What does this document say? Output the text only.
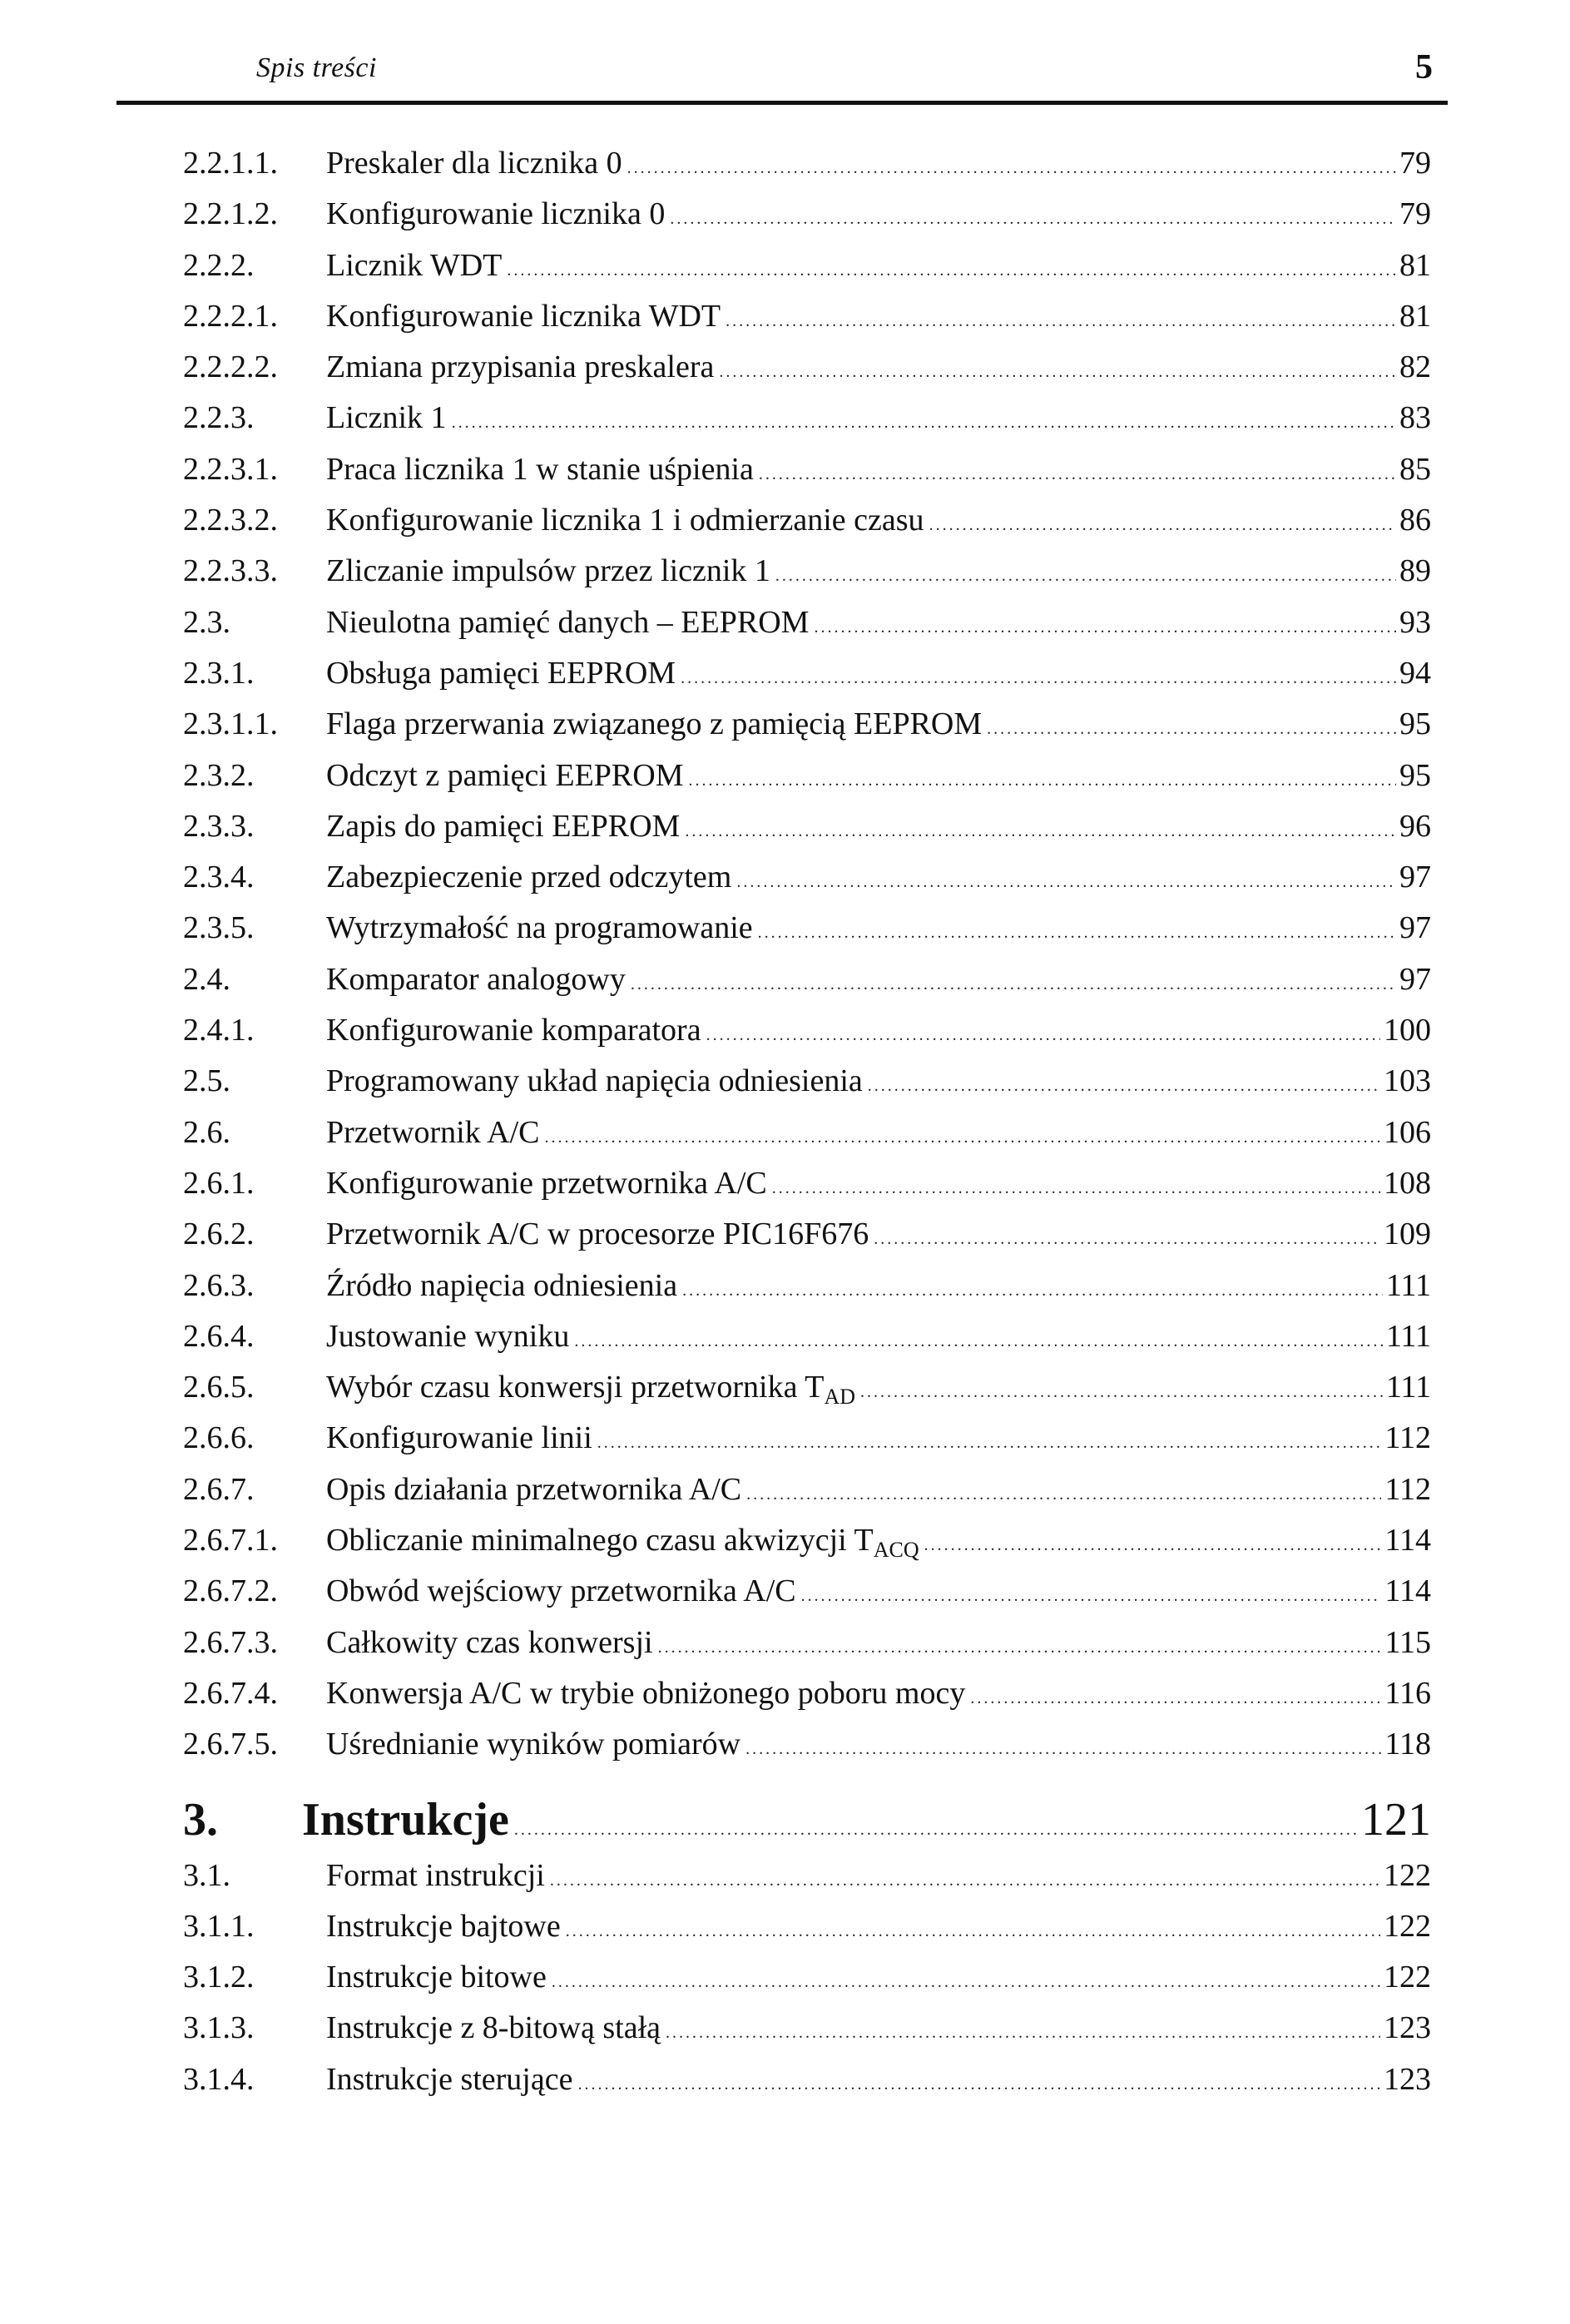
Spis treści	5
2.2.1.1.	Preskaler dla licznika 0 .....	79
2.2.1.2.	Konfigurowanie licznika 0 .....	79
2.2.2.	Licznik WDT .....	81
2.2.2.1.	Konfigurowanie licznika WDT .....	81
2.2.2.2.	Zmiana przypisania preskalera .....	82
2.2.3.	Licznik 1 .....	83
2.2.3.1.	Praca licznika 1 w stanie uśpienia .....	85
2.2.3.2.	Konfigurowanie licznika 1 i odmierzanie czasu .....	86
2.2.3.3.	Zliczanie impulsów przez licznik 1 .....	89
2.3.	Nieulotna pamięć danych – EEPROM .....	93
2.3.1.	Obsługa pamięci EEPROM .....	94
2.3.1.1.	Flaga przerwania związanego z pamięcią EEPROM .....	95
2.3.2.	Odczyt z pamięci EEPROM .....	95
2.3.3.	Zapis do pamięci EEPROM .....	96
2.3.4.	Zabezpieczenie przed odczytem .....	97
2.3.5.	Wytrzymałość na programowanie .....	97
2.4.	Komparator analogowy .....	97
2.4.1.	Konfigurowanie komparatora .....	100
2.5.	Programowany układ napięcia odniesienia .....	103
2.6.	Przetwornik A/C .....	106
2.6.1.	Konfigurowanie przetwornika A/C .....	108
2.6.2.	Przetwornik A/C w procesorze PIC16F676 .....	109
2.6.3.	Źródło napięcia odniesienia .....	111
2.6.4.	Justowanie wyniku .....	111
2.6.5.	Wybór czasu konwersji przetwornika $T_{AD}$ .....	111
2.6.6.	Konfigurowanie linii .....	112
2.6.7.	Opis działania przetwornika A/C .....	112
2.6.7.1.	Obliczanie minimalnego czasu akwizycji $T_{ACQ}$ .....	114
2.6.7.2.	Obwód wejściowy przetwornika A/C .....	114
2.6.7.3.	Całkowity czas konwersji .....	115
2.6.7.4.	Konwersja A/C w trybie obniżonego poboru mocy .....	116
2.6.7.5.	Uśrednianie wyników pomiarów .....	118
3.	Instrukcje .....	121
3.1.	Format instrukcji .....	122
3.1.1.	Instrukcje bajtowe .....	122
3.1.2.	Instrukcje bitowe .....	122
3.1.3.	Instrukcje z 8-bitową stałą .....	123
3.1.4.	Instrukcje sterujące .....	123
